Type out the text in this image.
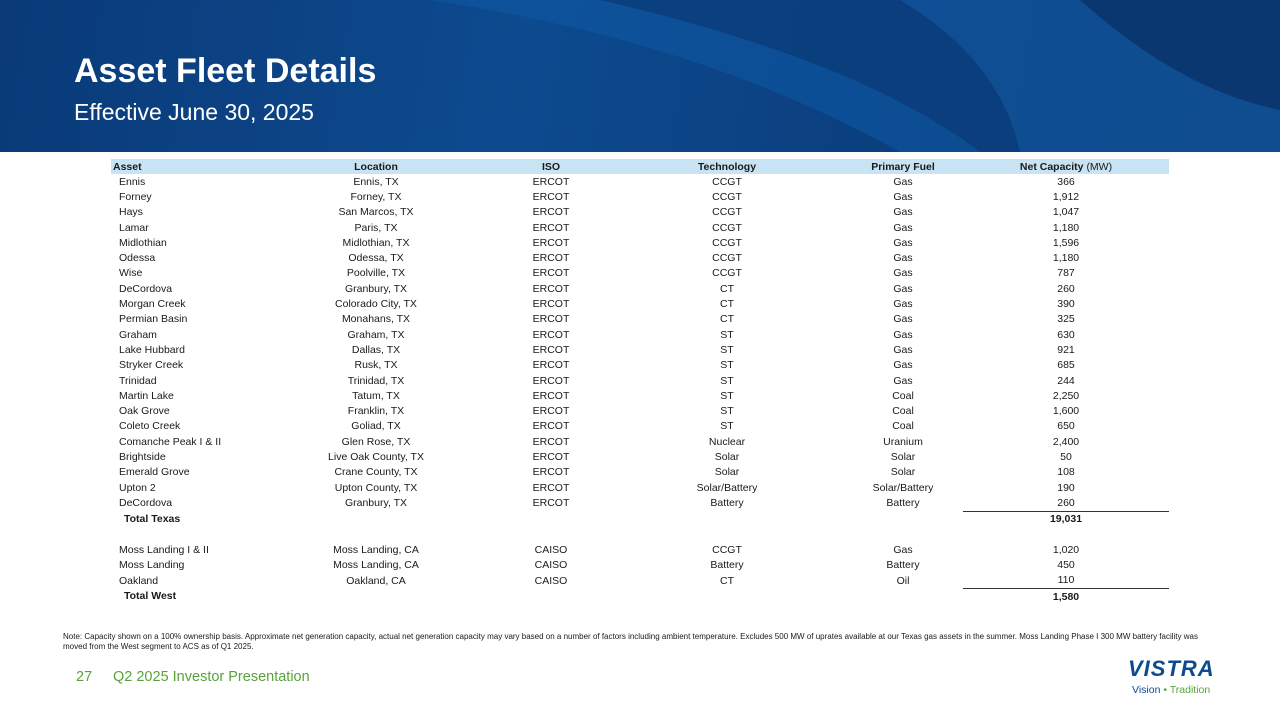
Asset Fleet Details
Effective June 30, 2025
Asset	Location	ISO	Technology	Primary Fuel	Net Capacity (MW)
Ennis	Ennis, TX	ERCOT	CCGT	Gas	366
Forney	Forney, TX	ERCOT	CCGT	Gas	1,912
Hays	San Marcos, TX	ERCOT	CCGT	Gas	1,047
Lamar	Paris, TX	ERCOT	CCGT	Gas	1,180
Midlothian	Midlothian, TX	ERCOT	CCGT	Gas	1,596
Odessa	Odessa, TX	ERCOT	CCGT	Gas	1,180
Wise	Poolville, TX	ERCOT	CCGT	Gas	787
DeCordova	Granbury, TX	ERCOT	CT	Gas	260
Morgan Creek	Colorado City, TX	ERCOT	CT	Gas	390
Permian Basin	Monahans, TX	ERCOT	CT	Gas	325
Graham	Graham, TX	ERCOT	ST	Gas	630
Lake Hubbard	Dallas, TX	ERCOT	ST	Gas	921
Stryker Creek	Rusk, TX	ERCOT	ST	Gas	685
Trinidad	Trinidad, TX	ERCOT	ST	Gas	244
Martin Lake	Tatum, TX	ERCOT	ST	Coal	2,250
Oak Grove	Franklin, TX	ERCOT	ST	Coal	1,600
Coleto Creek	Goliad, TX	ERCOT	ST	Coal	650
Comanche Peak I & II	Glen Rose, TX	ERCOT	Nuclear	Uranium	2,400
Brightside	Live Oak County, TX	ERCOT	Solar	Solar	50
Emerald Grove	Crane County, TX	ERCOT	Solar	Solar	108
Upton 2	Upton County, TX	ERCOT	Solar/Battery	Solar/Battery	190
DeCordova	Granbury, TX	ERCOT	Battery	Battery	260
Total Texas					19,031

Moss Landing I & II	Moss Landing, CA	CAISO	CCGT	Gas	1,020
Moss Landing	Moss Landing, CA	CAISO	Battery	Battery	450
Oakland	Oakland, CA	CAISO	CT	Oil	110
Total West					1,580
Note: Capacity shown on a 100% ownership basis. Approximate net generation capacity, actual net generation capacity may vary based on a number of factors including ambient temperature. Excludes 500 MW of uprates available at our Texas gas assets in the summer. Moss Landing Phase I 300 MW battery facility was moved from the West segment to ACS as of Q1 2025.
27 Q2 2025 Investor Presentation	VISTRA
Vision • Tradition
